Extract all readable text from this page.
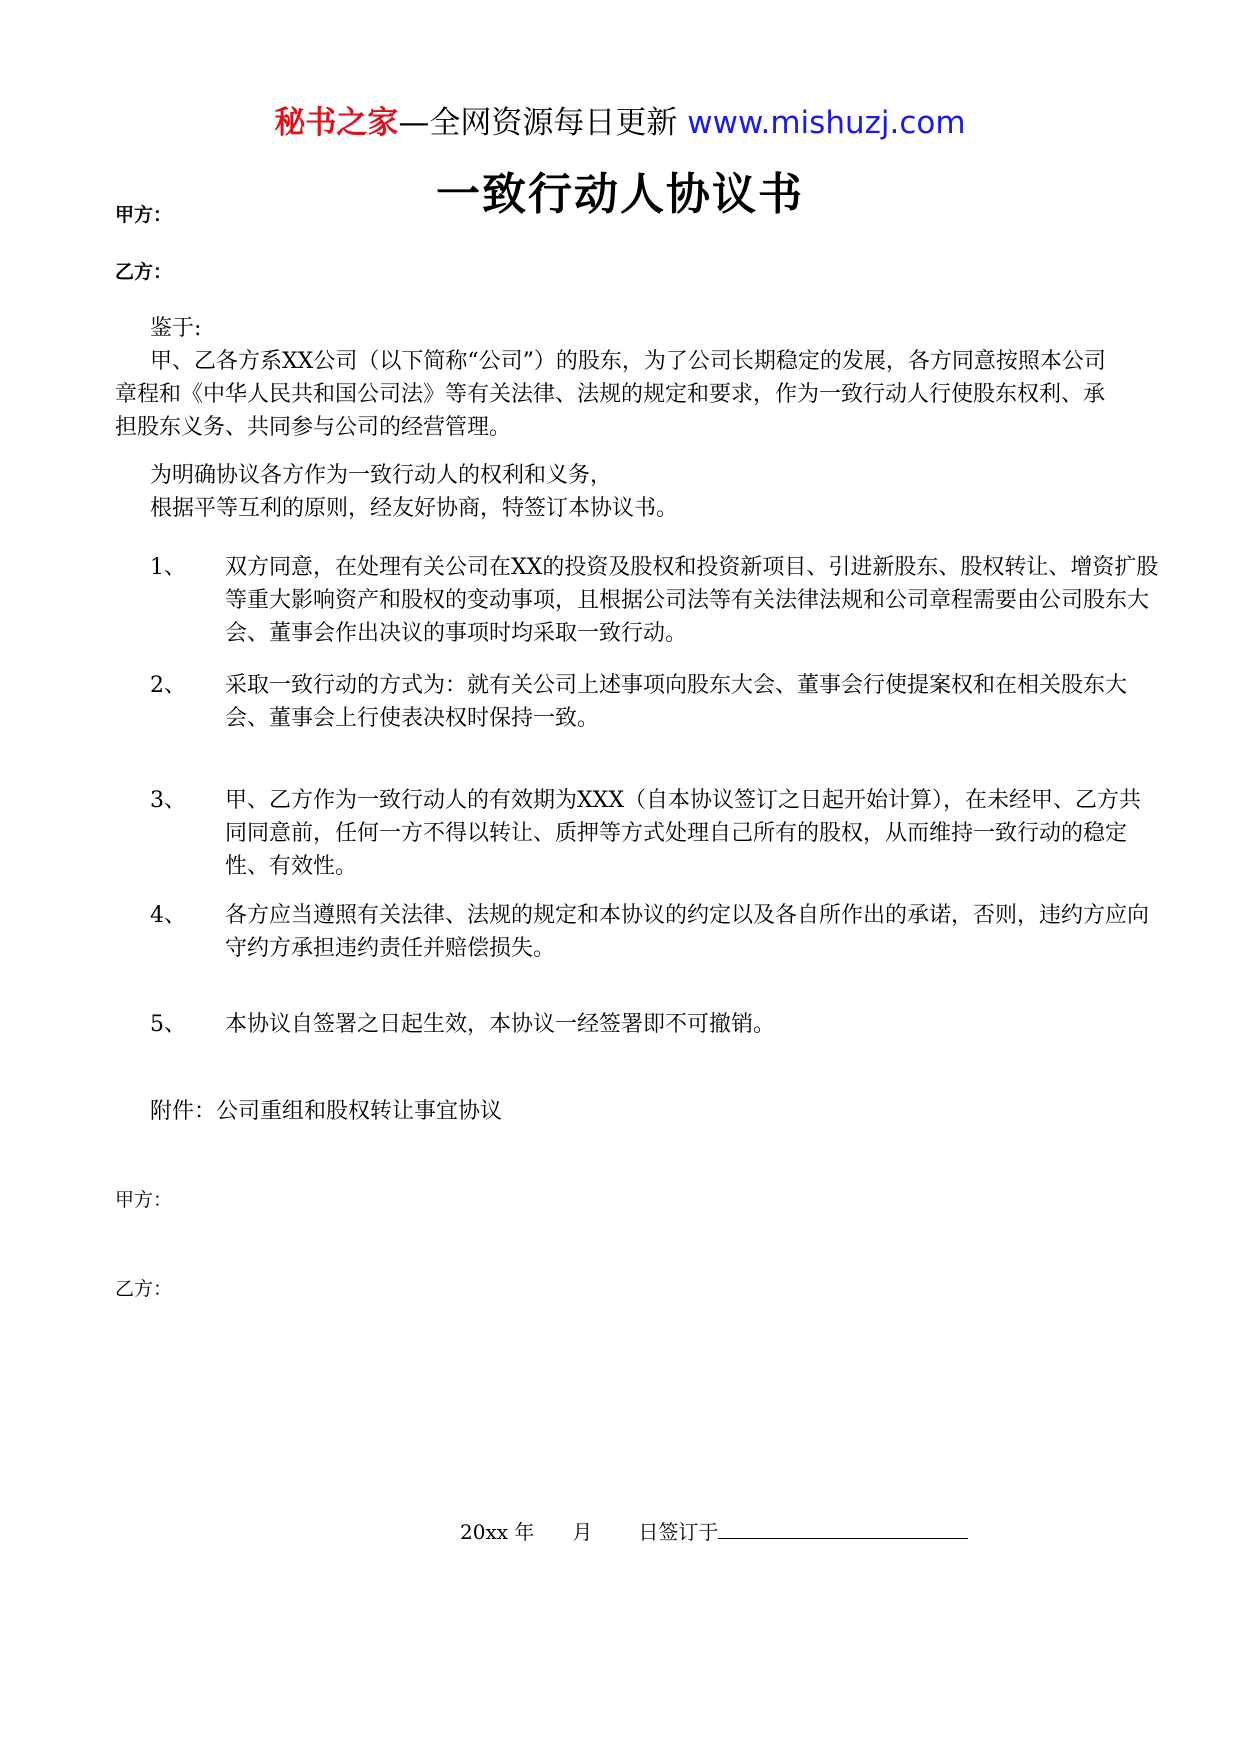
秘书之家—全网资源每日更新 www.mishuzj.com
一致行动人协议书
甲方：
乙方：
鉴于:
甲、乙各方系XX公司（以下简称“公司”）的股东，为了公司长期稳定的发展，各方同意按照本公司章程和《中华人民共和国公司法》等有关法律、法规的规定和要求，作为一致行动人行使股东权利、承担股东义务、共同参与公司的经营管理。
为明确协议各方作为一致行动人的权利和义务，
根据平等互利的原则，经友好协商，特签订本协议书。
1、	双方同意，在处理有关公司在XX的投资及股权和投资新项目、引进新股东、股权转让、增资扩股等重大影响资产和股权的变动事项，且根据公司法等有关法律法规和公司章程需要由公司股东大会、董事会作出决议的事项时均采取一致行动。
2、	采取一致行动的方式为：就有关公司上述事项向股东大会、董事会行使提案权和在相关股东大会、董事会上行使表决权时保持一致。
3、	甲、乙方作为一致行动人的有效期为XXX（自本协议签订之日起开始计算），在未经甲、乙方共同同意前，任何一方不得以转让、质押等方式处理自己所有的股权，从而维持一致行动的稳定性、有效性。
4、	各方应当遵照有关法律、法规的规定和本协议的约定以及各自所作出的承诺，否则，违约方应向守约方承担违约责任并赔偿损失。
5、	本协议自签署之日起生效，本协议一经签署即不可撤销。
附件：公司重组和股权转让事宜协议
甲方：
乙方：
20xx 年 月 日签订于
